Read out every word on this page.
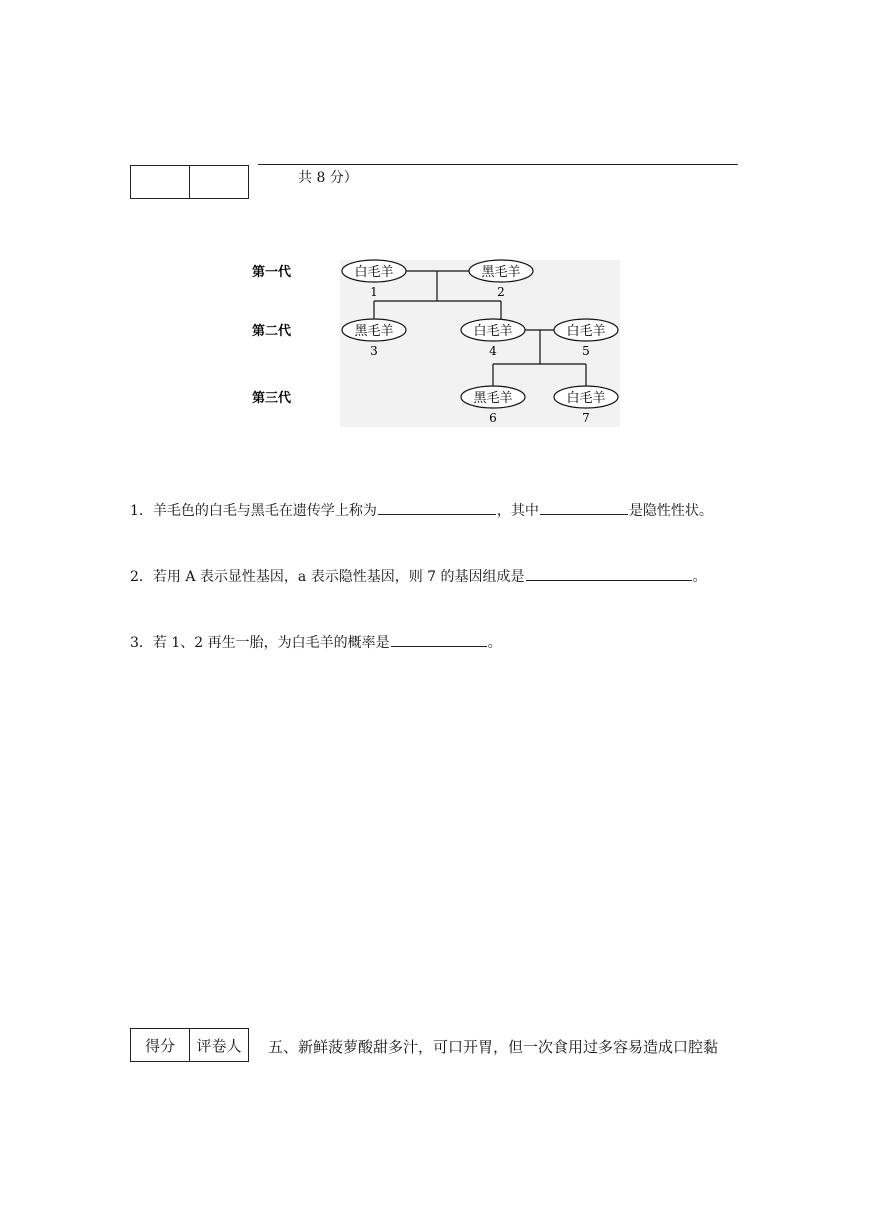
共 8 分）
第一代
第二代
第三代
白毛羊
1
黑毛羊
2
黑毛羊
3
白毛羊
4
白毛羊
5
黑毛羊
6
白毛羊
7
1．羊毛色的白毛与黑毛在遗传学上称为	，其中	是隐性性状。
2．若用 A 表示显性基因，a 表示隐性基因，则 7 的基因组成是	。
3．若 1、2 再生一胎，为白毛羊的概率是	。
得分	评卷人 五、新鲜菠萝酸甜多汁，可口开胃，但一次食用过多容易造成口腔黏
